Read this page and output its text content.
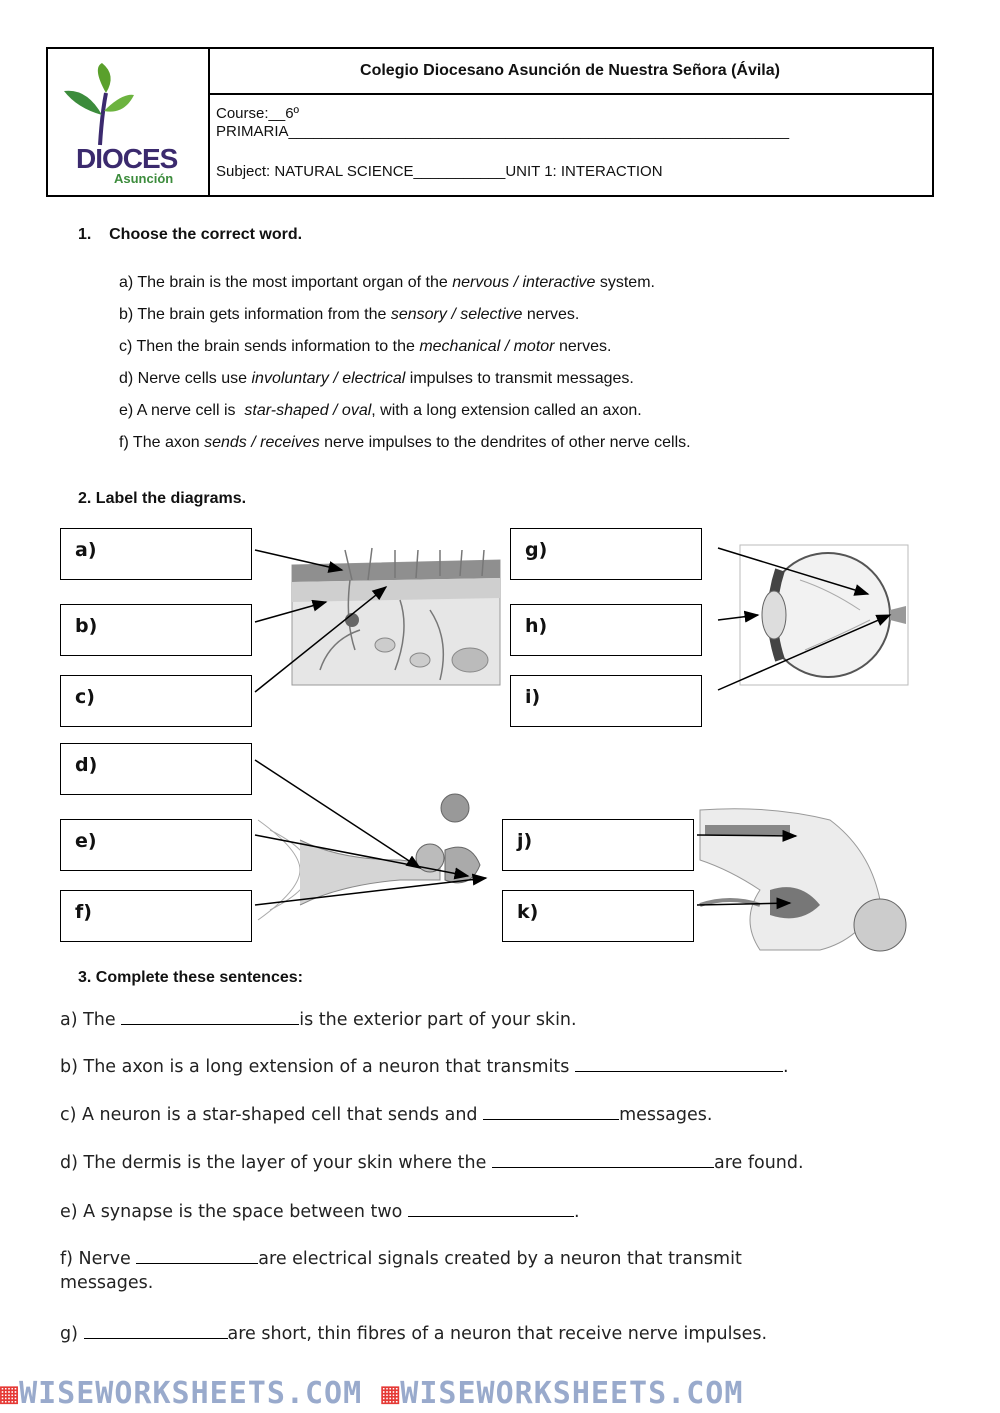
DIOCES
Asunción
Colegio Diocesano Asunción de Nuestra Señora (Ávila)
Course:__6º
PRIMARIA____________________________________________________________
Subject: NATURAL SCIENCE___________UNIT 1: INTERACTION
1.    Choose the correct word.
a) The brain is the most important organ of the nervous / interactive system.
b) The brain gets information from the sensory / selective nerves.
c) Then the brain sends information to the mechanical / motor nerves.
d) Nerve cells use involuntary / electrical impulses to transmit messages.
e) A nerve cell is  star-shaped / oval, with a long extension called an axon.
f) The axon sends / receives nerve impulses to the dendrites of other nerve cells.
2. Label the diagrams.
a)
b)
c)
d)
e)
f)
g)
h)
i)
j)
k)
3. Complete these sentences:
a) The	is the exterior part of your skin.
b) The axon is a long extension of a neuron that transmits	.
c) A neuron is a star-shaped cell that sends and	messages.
d) The dermis is the layer of your skin where the	are found.
e) A synapse is the space between two	.
f) Nerve	are electrical signals created by a neuron that transmit
messages.
g)	are short, thin fibres of a neuron that receive nerve impulses.
▦WISEWORKSHEETS.COM ▦WISEWORKSHEETS.COM
